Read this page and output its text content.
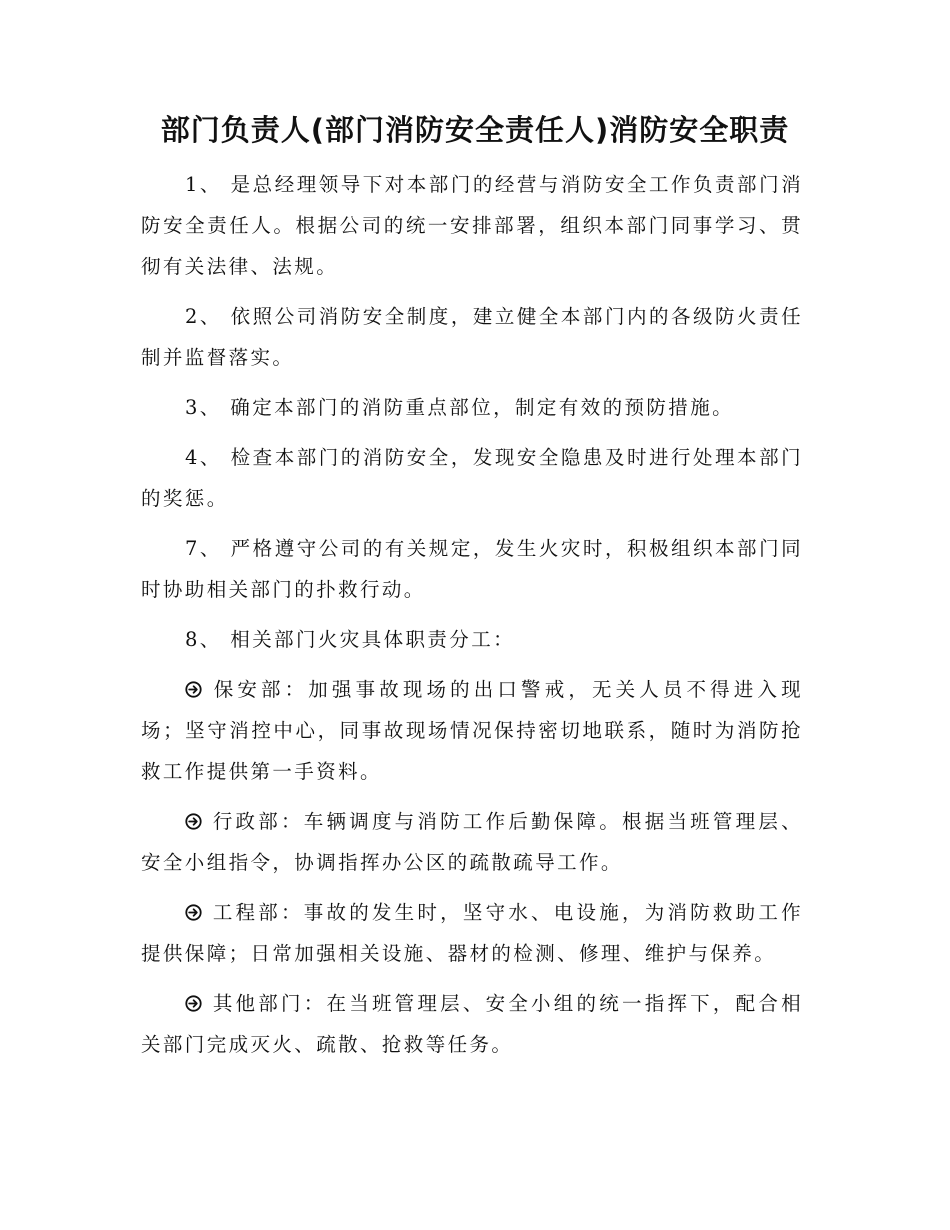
部门负责人(部门消防安全责任人)消防安全职责

1、 是总经理领导下对本部门的经营与消防安全工作负责部门消防安全责任人。根据公司的统一安排部署，组织本部门同事学习、贯彻有关法律、法规。

2、 依照公司消防安全制度，建立健全本部门内的各级防火责任制并监督落实。

3、 确定本部门的消防重点部位，制定有效的预防措施。

4、 检查本部门的消防安全，发现安全隐患及时进行处理本部门的奖惩。

7、 严格遵守公司的有关规定，发生火灾时，积极组织本部门同时协助相关部门的扑救行动。

8、 相关部门火灾具体职责分工：

保安部：加强事故现场的出口警戒，无关人员不得进入现场；坚守消控中心，同事故现场情况保持密切地联系，随时为消防抢救工作提供第一手资料。

行政部：车辆调度与消防工作后勤保障。根据当班管理层、安全小组指令，协调指挥办公区的疏散疏导工作。

工程部：事故的发生时，坚守水、电设施，为消防救助工作提供保障；日常加强相关设施、器材的检测、修理、维护与保养。

其他部门：在当班管理层、安全小组的统一指挥下，配合相关部门完成灭火、疏散、抢救等任务。
